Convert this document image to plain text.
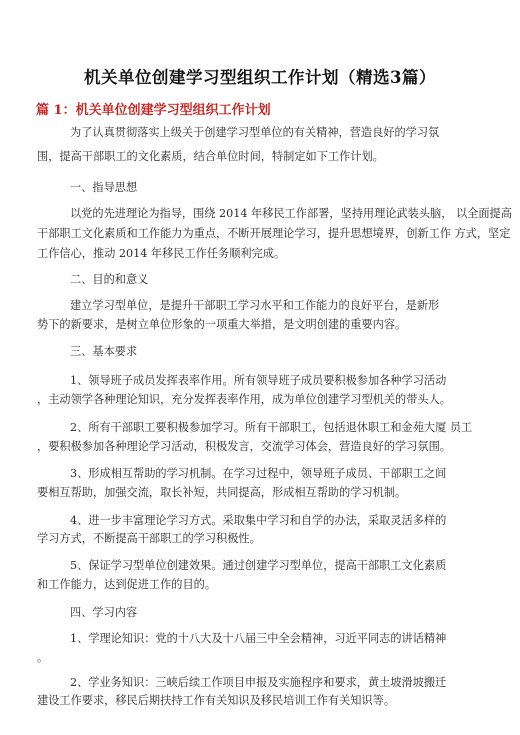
机关单位创建学习型组织工作计划（精选3篇）
篇 1：机关单位创建学习型组织工作计划
为了认真贯彻落实上级关于创建学习型单位的有关精神，营造良好的学习氛
围，提高干部职工的文化素质，结合单位时间，特制定如下工作计划。
一、指导思想
以党的先进理论为指导，围绕 2014 年移民工作部署，坚持用理论武装头脑， 以全面提高
干部职工文化素质和工作能力为重点，不断开展理论学习，提升思想境界，创新工作 方式，坚定
工作信心，推动 2014 年移民工作任务顺利完成。
二、目的和意义
建立学习型单位，是提升干部职工学习水平和工作能力的良好平台，是新形
势下的新要求，是树立单位形象的一项重大举措，是文明创建的重要内容。
三、基本要求
1、领导班子成员发挥表率作用。所有领导班子成员要积极参加各种学习活动
，主动领学各种理论知识，充分发挥表率作用，成为单位创建学习型机关的带头人。
2、所有干部职工要积极参加学习。所有干部职工，包括退休职工和金苑大厦 员工
，要积极参加各种理论学习活动，积极发言，交流学习体会，营造良好的学习氛围。
3、形成相互帮助的学习机制。在学习过程中，领导班子成员、干部职工之间
要相互帮助，加强交流，取长补短，共同提高，形成相互帮助的学习机制。
4、进一步丰富理论学习方式。采取集中学习和自学的办法，采取灵活多样的
学习方式，不断提高干部职工的学习积极性。
5、保证学习型单位创建效果。通过创建学习型单位，提高干部职工文化素质
和工作能力，达到促进工作的目的。
四、学习内容
1、学理论知识：党的十八大及十八届三中全会精神，习近平同志的讲话精神
。
2、学业务知识：三峡后续工作项目申报及实施程序和要求，黄土坡滑坡搬迁
建设工作要求，移民后期扶持工作有关知识及移民培训工作有关知识等。
